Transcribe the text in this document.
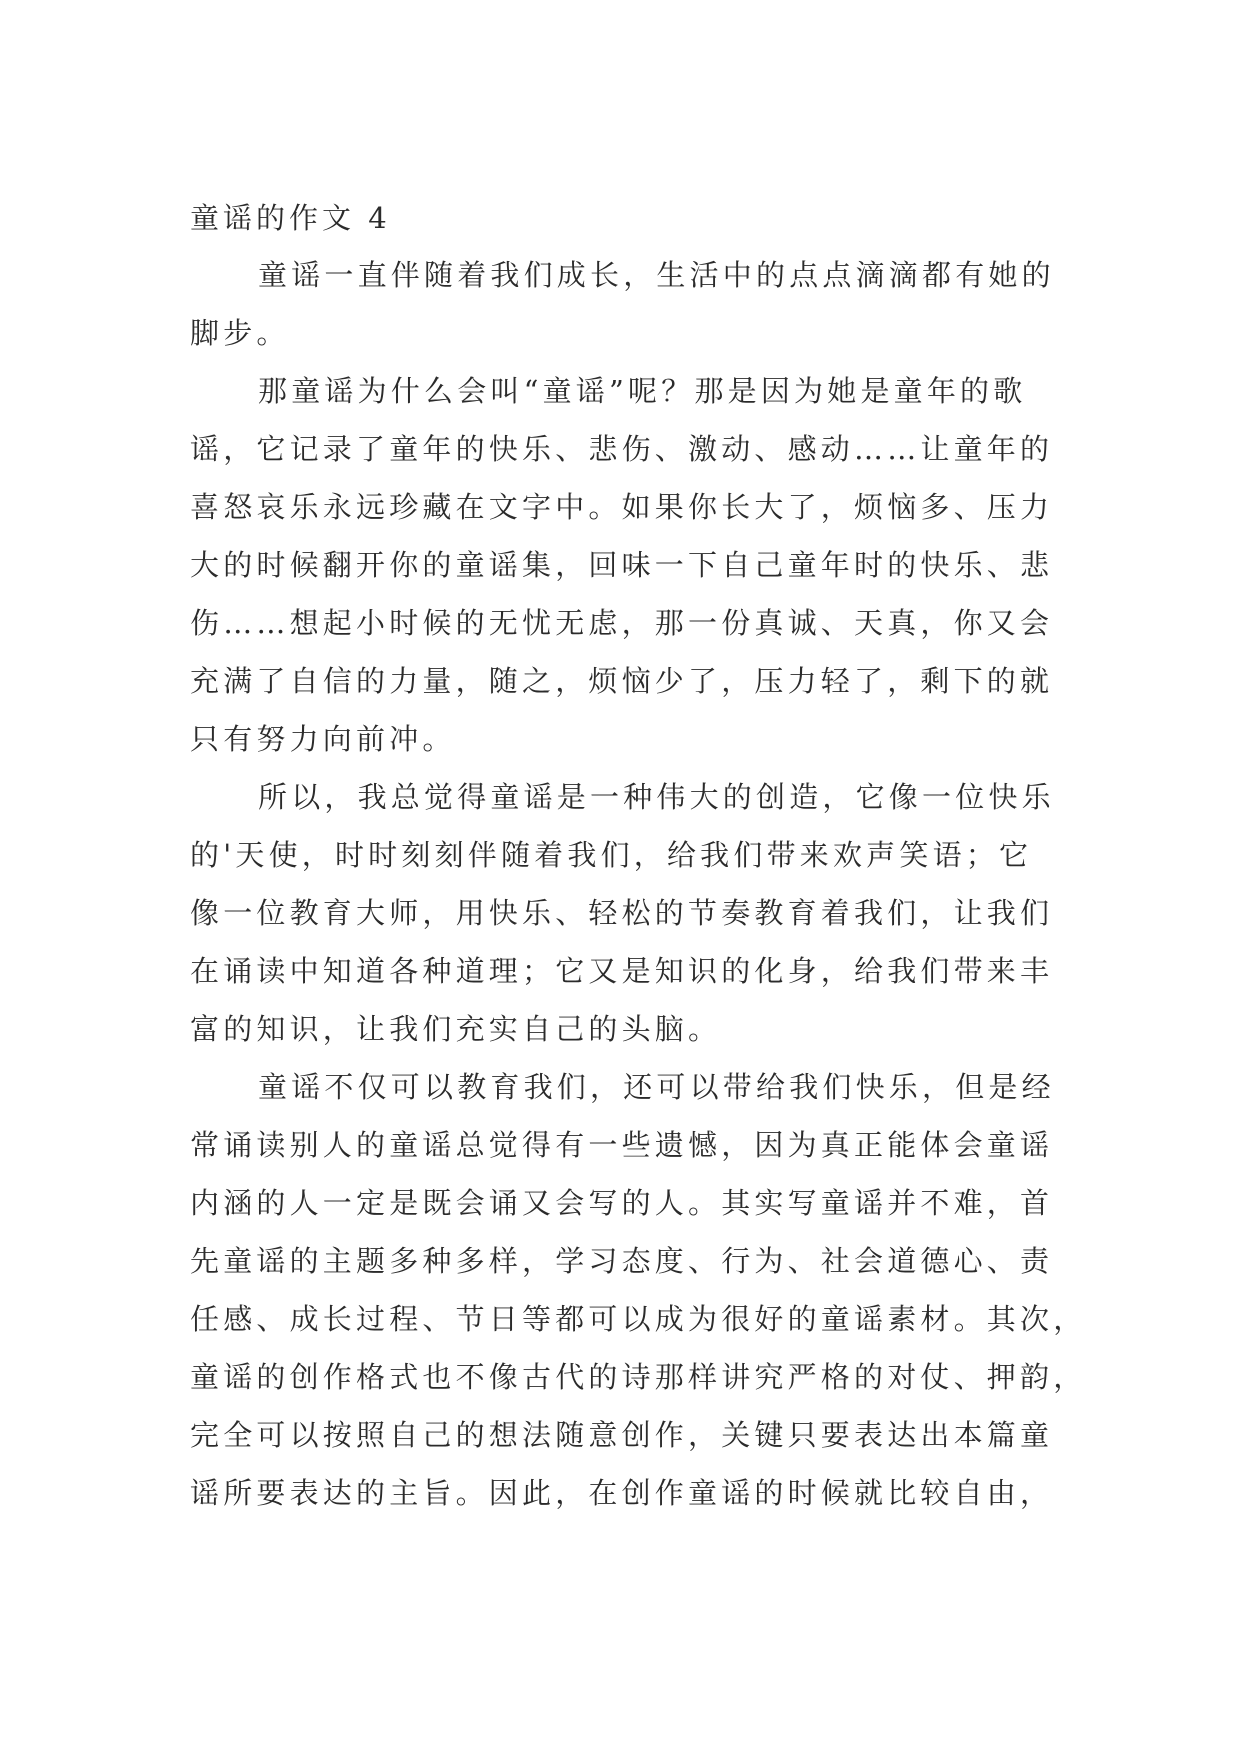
童谣的作文 4
童谣一直伴随着我们成长，生活中的点点滴滴都有她的
脚步。
那童谣为什么会叫“童谣”呢？那是因为她是童年的歌
谣，它记录了童年的快乐、悲伤、激动、感动……让童年的
喜怒哀乐永远珍藏在文字中。如果你长大了，烦恼多、压力
大的时候翻开你的童谣集，回味一下自己童年时的快乐、悲
伤……想起小时候的无忧无虑，那一份真诚、天真，你又会
充满了自信的力量，随之，烦恼少了，压力轻了，剩下的就
只有努力向前冲。
所以，我总觉得童谣是一种伟大的创造，它像一位快乐
的'天使，时时刻刻伴随着我们，给我们带来欢声笑语；它
像一位教育大师，用快乐、轻松的节奏教育着我们，让我们
在诵读中知道各种道理；它又是知识的化身，给我们带来丰
富的知识，让我们充实自己的头脑。
童谣不仅可以教育我们，还可以带给我们快乐，但是经
常诵读别人的童谣总觉得有一些遗憾，因为真正能体会童谣
内涵的人一定是既会诵又会写的人。其实写童谣并不难，首
先童谣的主题多种多样，学习态度、行为、社会道德心、责
任感、成长过程、节日等都可以成为很好的童谣素材。其次，
童谣的创作格式也不像古代的诗那样讲究严格的对仗、押韵，
完全可以按照自己的想法随意创作，关键只要表达出本篇童
谣所要表达的主旨。因此，在创作童谣的时候就比较自由，
